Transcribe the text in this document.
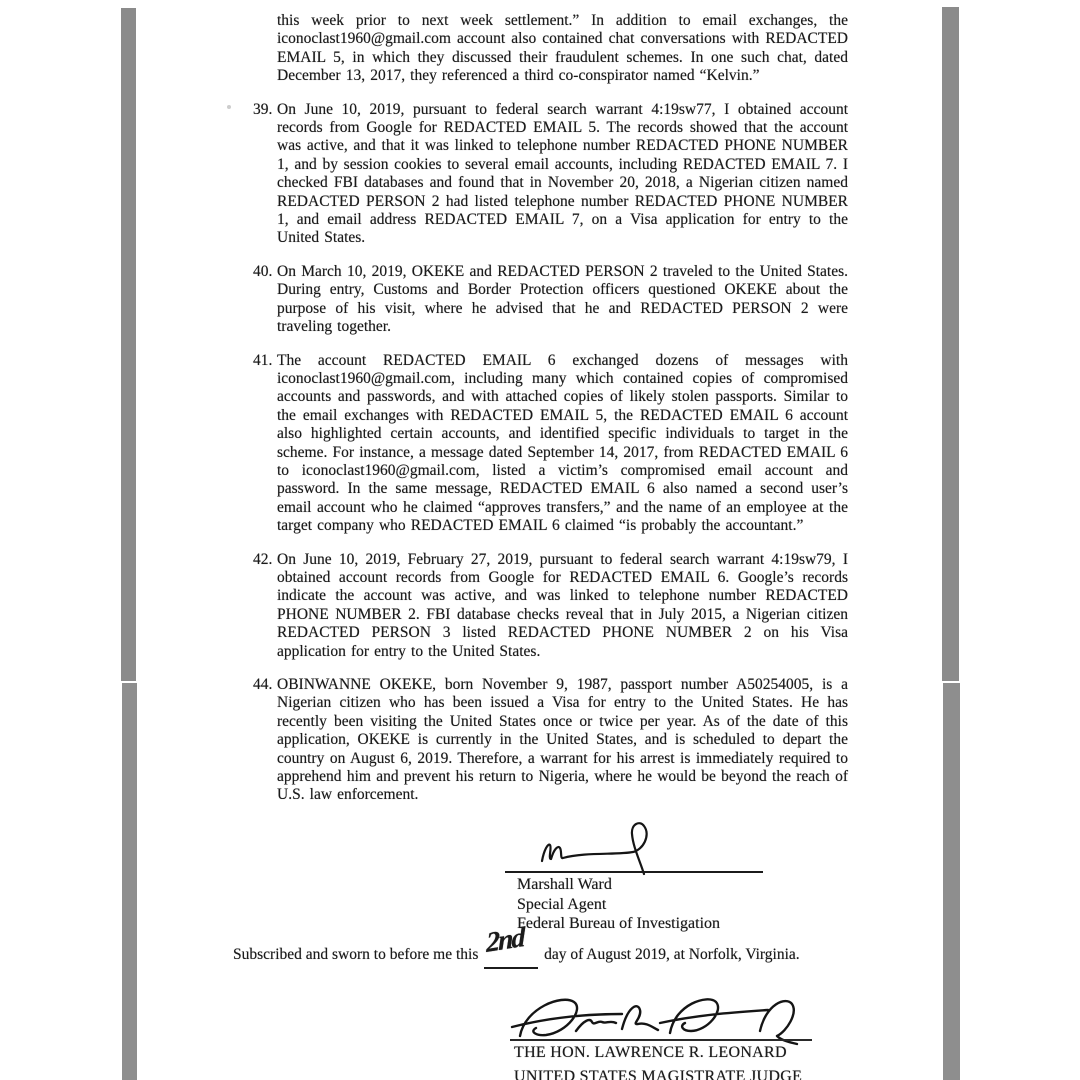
this week prior to next week settlement.” In addition to email exchanges, the iconoclast1960@gmail.com account also contained chat conversations with REDACTED EMAIL 5, in which they discussed their fraudulent schemes. In one such chat, dated December 13, 2017, they referenced a third co-conspirator named “Kelvin.”

39. On June 10, 2019, pursuant to federal search warrant 4:19sw77, I obtained account records from Google for REDACTED EMAIL 5. The records showed that the account was active, and that it was linked to telephone number REDACTED PHONE NUMBER 1, and by session cookies to several email accounts, including REDACTED EMAIL 7. I checked FBI databases and found that in November 20, 2018, a Nigerian citizen named REDACTED PERSON 2 had listed telephone number REDACTED PHONE NUMBER 1, and email address REDACTED EMAIL 7, on a Visa application for entry to the United States.

40. On March 10, 2019, OKEKE and REDACTED PERSON 2 traveled to the United States. During entry, Customs and Border Protection officers questioned OKEKE about the purpose of his visit, where he advised that he and REDACTED PERSON 2 were traveling together.

41. The account REDACTED EMAIL 6 exchanged dozens of messages with iconoclast1960@gmail.com, including many which contained copies of compromised accounts and passwords, and with attached copies of likely stolen passports. Similar to the email exchanges with REDACTED EMAIL 5, the REDACTED EMAIL 6 account also highlighted certain accounts, and identified specific individuals to target in the scheme. For instance, a message dated September 14, 2017, from REDACTED EMAIL 6 to iconoclast1960@gmail.com, listed a victim’s compromised email account and password. In the same message, REDACTED EMAIL 6 also named a second user’s email account who he claimed “approves transfers,” and the name of an employee at the target company who REDACTED EMAIL 6 claimed “is probably the accountant.”

42. On June 10, 2019, February 27, 2019, pursuant to federal search warrant 4:19sw79, I obtained account records from Google for REDACTED EMAIL 6. Google’s records indicate the account was active, and was linked to telephone number REDACTED PHONE NUMBER 2. FBI database checks reveal that in July 2015, a Nigerian citizen REDACTED PERSON 3 listed REDACTED PHONE NUMBER 2 on his Visa application for entry to the United States.

44. OBINWANNE OKEKE, born November 9, 1987, passport number A50254005, is a Nigerian citizen who has been issued a Visa for entry to the United States. He has recently been visiting the United States once or twice per year. As of the date of this application, OKEKE is currently in the United States, and is scheduled to depart the country on August 6, 2019. Therefore, a warrant for his arrest is immediately required to apprehend him and prevent his return to Nigeria, where he would be beyond the reach of U.S. law enforcement.

Marshall Ward
Special Agent
Federal Bureau of Investigation
Subscribed and sworn to before me this 2nd day of August 2019, at Norfolk, Virginia.
THE HON. LAWRENCE R. LEONARD
UNITED STATES MAGISTRATE JUDGE
